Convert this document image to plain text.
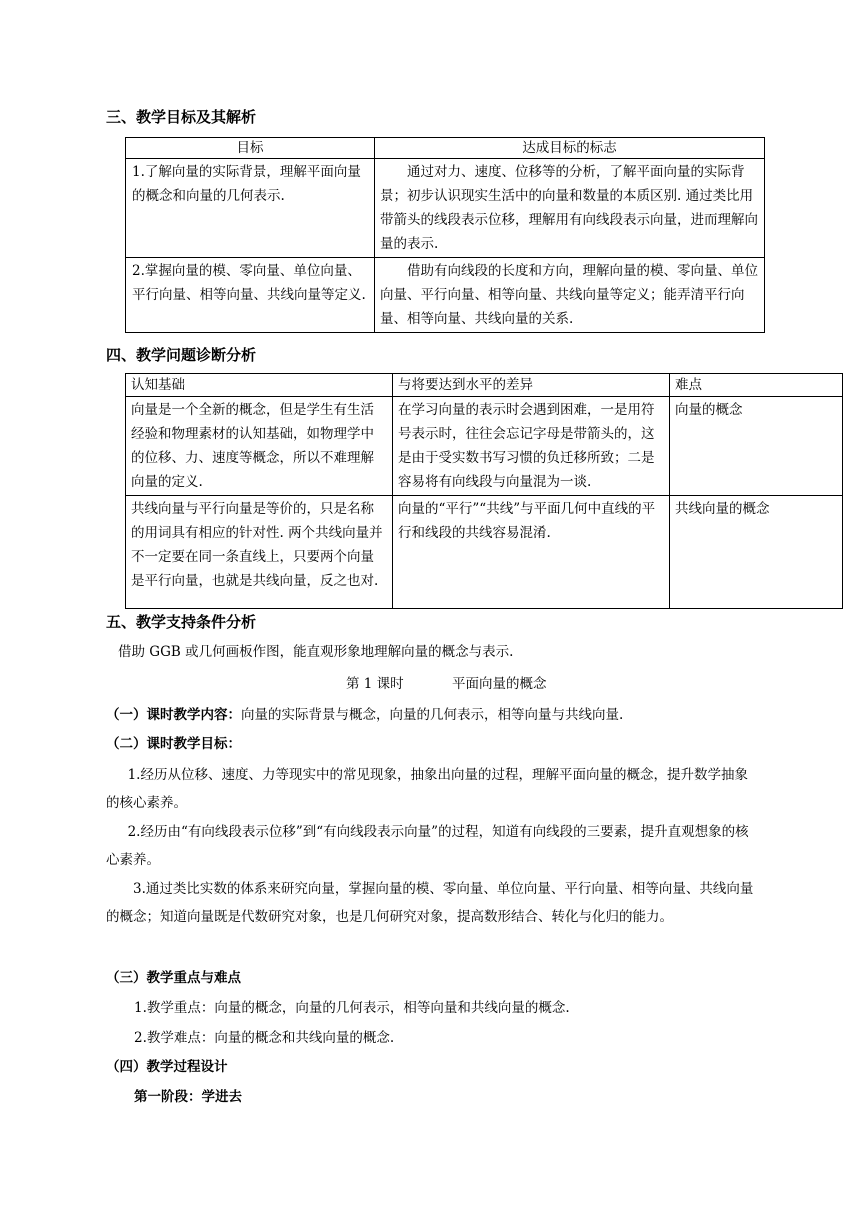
三、教学目标及其解析
目标	达成目标的标志
1.了解向量的实际背景，理解平面向量的概念和向量的几何表示.	通过对力、速度、位移等的分析，了解平面向量的实际背景；初步认识现实生活中的向量和数量的本质区别. 通过类比用带箭头的线段表示位移，理解用有向线段表示向量，进而理解向量的表示.
2.掌握向量的模、零向量、单位向量、平行向量、相等向量、共线向量等定义.	借助有向线段的长度和方向，理解向量的模、零向量、单位向量、平行向量、相等向量、共线向量等定义；能弄清平行向量、相等向量、共线向量的关系.
四、教学问题诊断分析
认知基础	与将要达到水平的差异	难点
向量是一个全新的概念，但是学生有生活经验和物理素材的认知基础，如物理学中的位移、力、速度等概念，所以不难理解向量的定义.	在学习向量的表示时会遇到困难，一是用符号表示时，往往会忘记字母是带箭头的，这是由于受实数书写习惯的负迁移所致；二是容易将有向线段与向量混为一谈.	向量的概念
共线向量与平行向量是等价的，只是名称的用词具有相应的针对性. 两个共线向量并不一定要在同一条直线上，只要两个向量是平行向量，也就是共线向量，反之也对.	向量的“平行”“共线”与平面几何中直线的平行和线段的共线容易混淆.	共线向量的概念
五、教学支持条件分析
借助 GGB 或几何画板作图，能直观形象地理解向量的概念与表示.
第 1 课时	平面向量的概念
（一）课时教学内容：向量的实际背景与概念，向量的几何表示，相等向量与共线向量.
（二）课时教学目标：
1.经历从位移、速度、力等现实中的常见现象，抽象出向量的过程，理解平面向量的概念，提升数学抽象的核心素养。
2.经历由“有向线段表示位移”到“有向线段表示向量”的过程，知道有向线段的三要素，提升直观想象的核心素养。
3.通过类比实数的体系来研究向量，掌握向量的模、零向量、单位向量、平行向量、相等向量、共线向量的概念；知道向量既是代数研究对象，也是几何研究对象，提高数形结合、转化与化归的能力。
（三）教学重点与难点
1.教学重点：向量的概念，向量的几何表示，相等向量和共线向量的概念.
2.教学难点：向量的概念和共线向量的概念.
（四）教学过程设计
第一阶段：学进去
